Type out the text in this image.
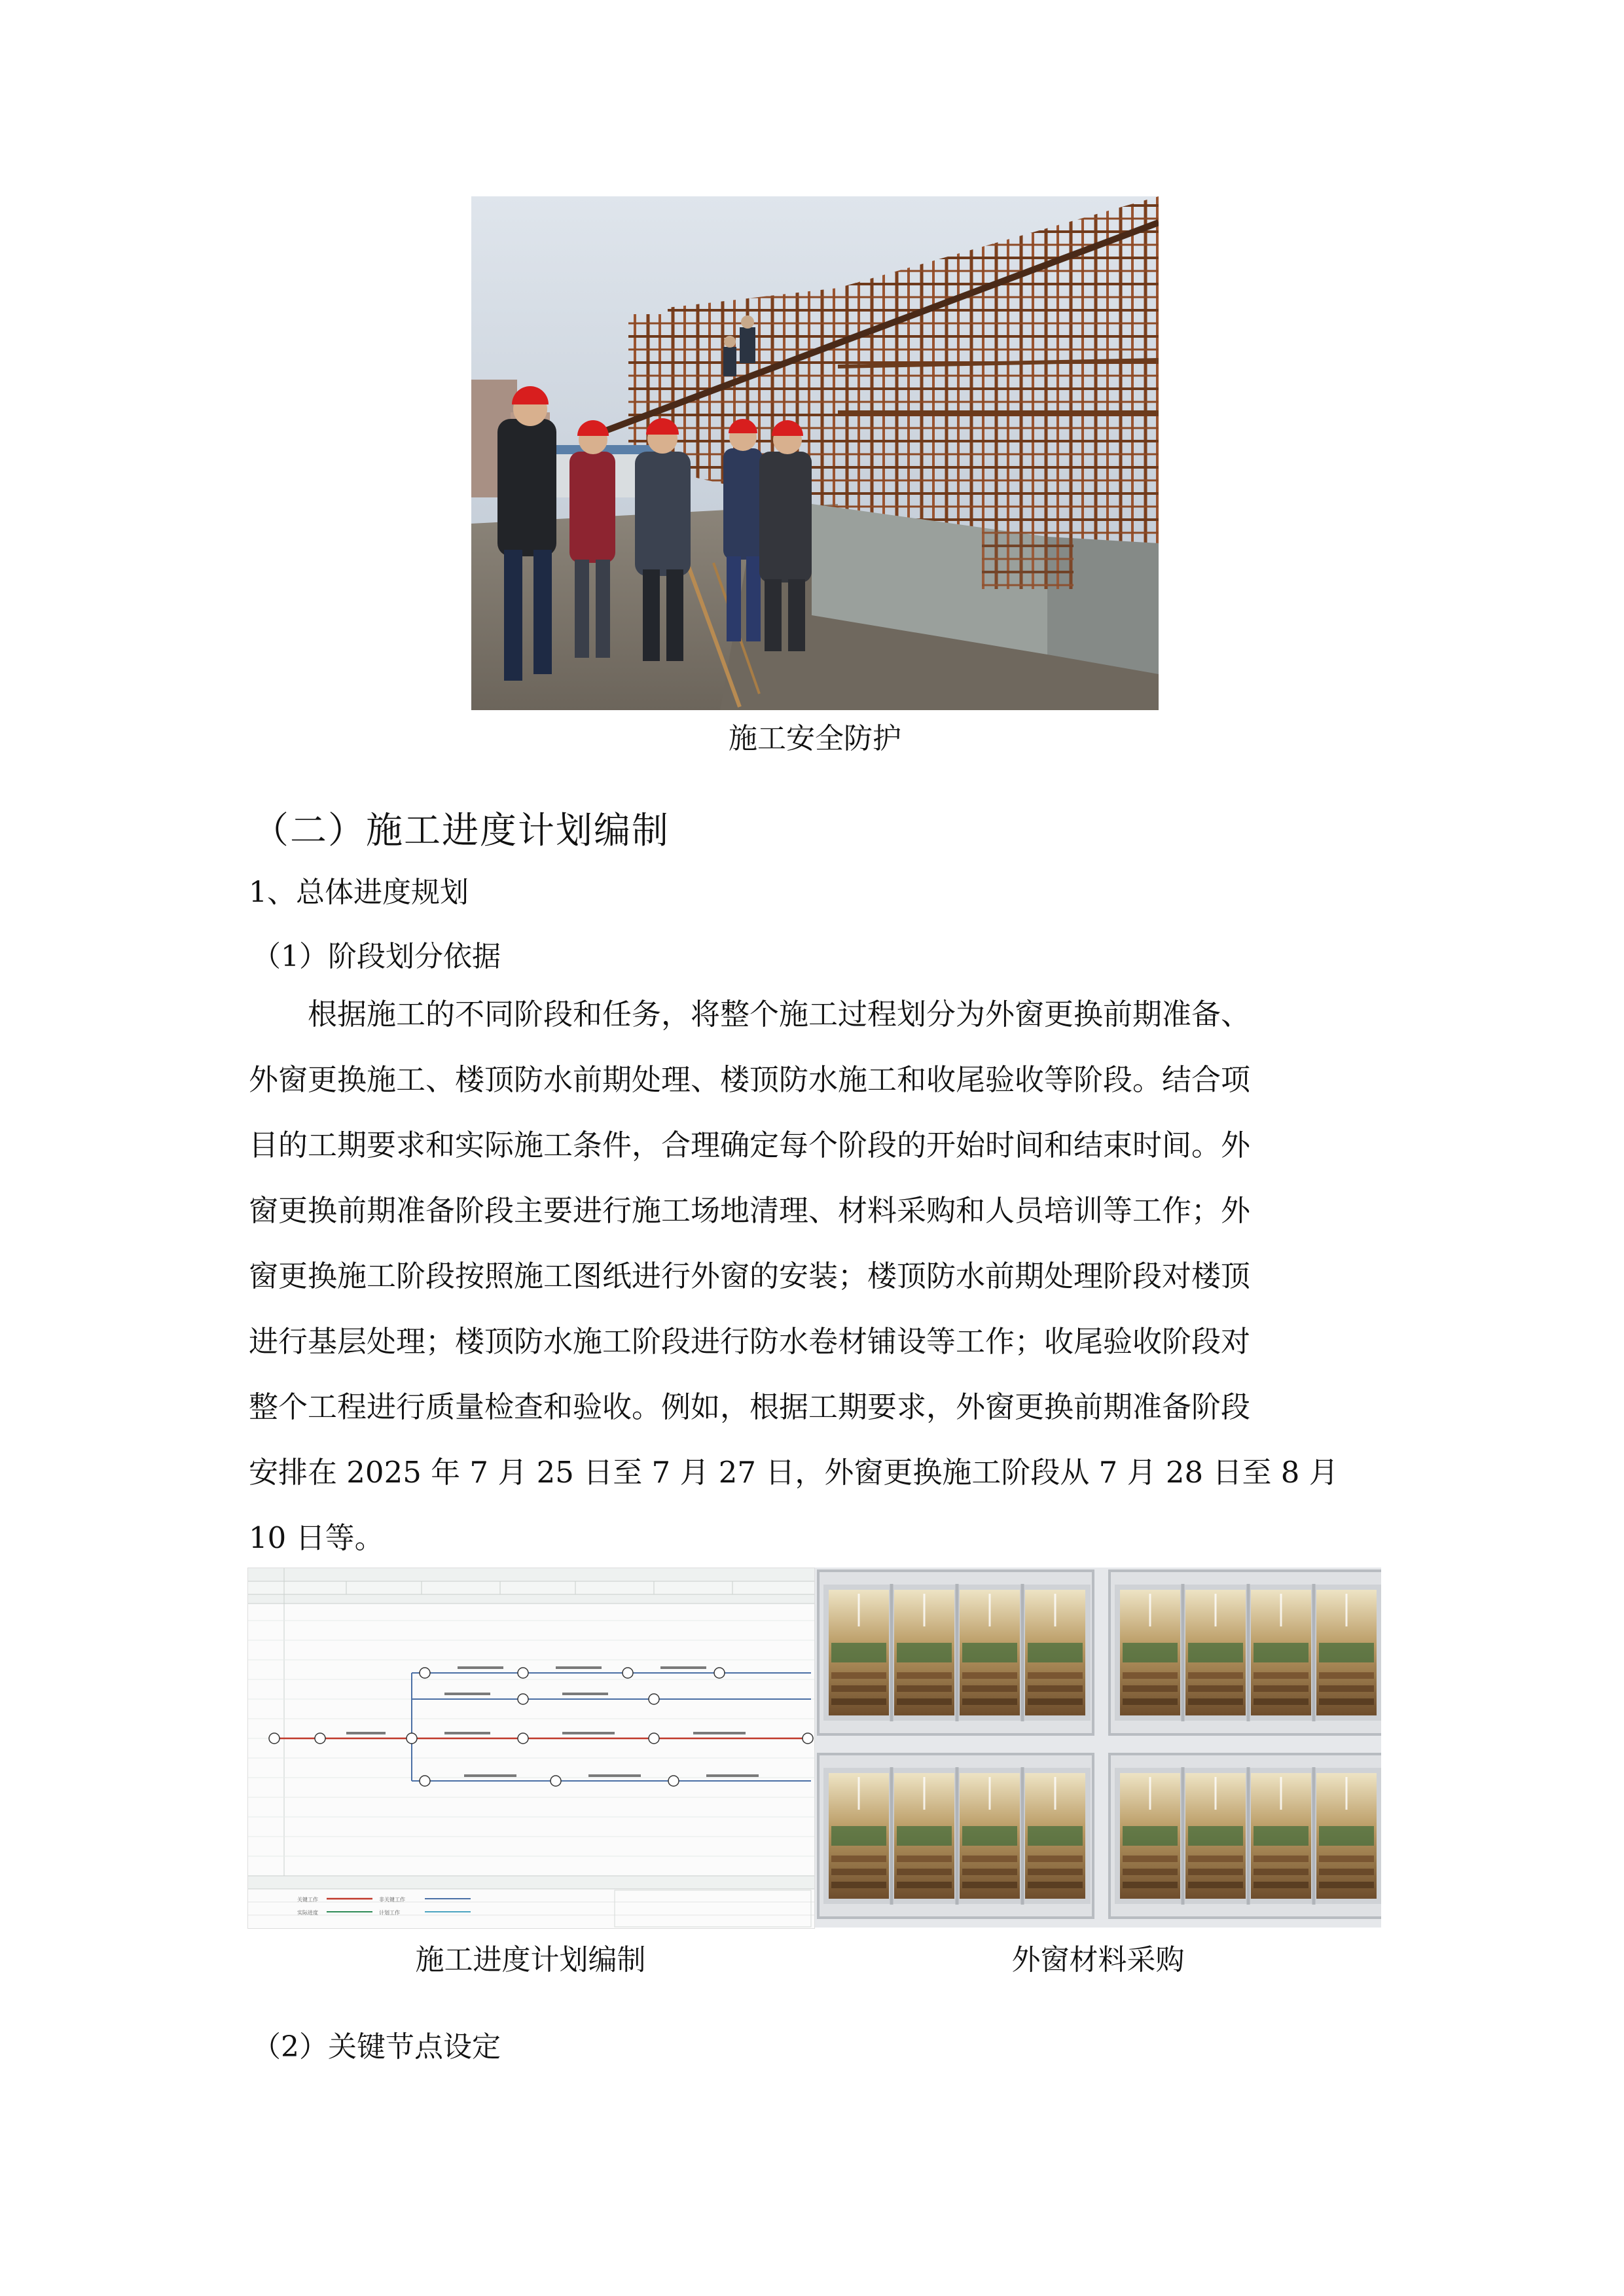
施工安全防护
（二）施工进度计划编制
1、总体进度规划
（1）阶段划分依据

　　根据施工的不同阶段和任务，将整个施工过程划分为外窗更换前期准备、

外窗更换施工、楼顶防水前期处理、楼顶防水施工和收尾验收等阶段。结合项

目的工期要求和实际施工条件，合理确定每个阶段的开始时间和结束时间。外

窗更换前期准备阶段主要进行施工场地清理、材料采购和人员培训等工作；外

窗更换施工阶段按照施工图纸进行外窗的安装；楼顶防水前期处理阶段对楼顶

进行基层处理；楼顶防水施工阶段进行防水卷材铺设等工作；收尾验收阶段对

整个工程进行质量检查和验收。例如，根据工期要求，外窗更换前期准备阶段

安排在 2025 年 7 月 25 日至 7 月 27 日，外窗更换施工阶段从 7 月 28 日至 8 月

10 日等。

关键工作	非关键工作
实际进度	计划工作
施工进度计划编制	外窗材料采购
（2）关键节点设定
